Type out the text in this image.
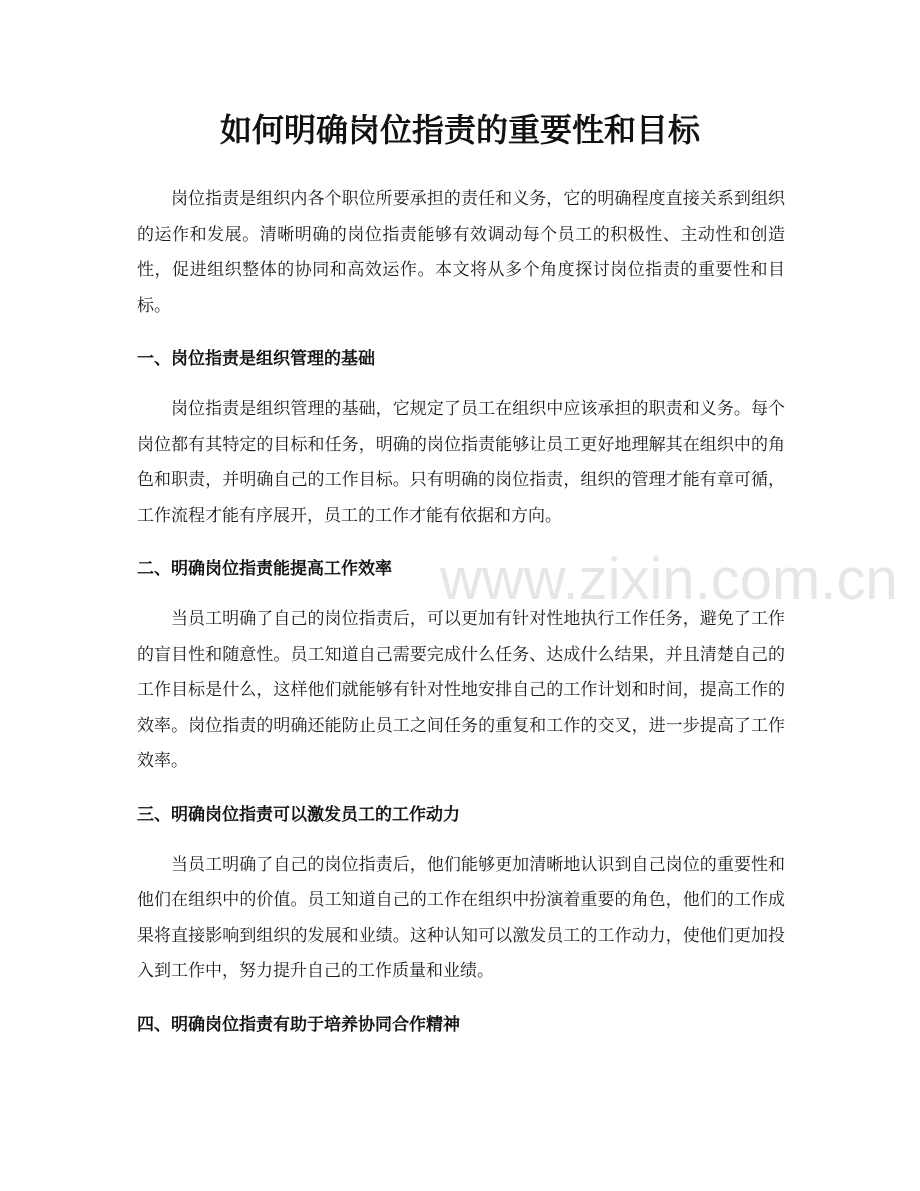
如何明确岗位指责的重要性和目标

岗位指责是组织内各个职位所要承担的责任和义务，它的明确程度直接关系到组织的运作和发展。清晰明确的岗位指责能够有效调动每个员工的积极性、主动性和创造性，促进组织整体的协同和高效运作。本文将从多个角度探讨岗位指责的重要性和目标。

一、岗位指责是组织管理的基础

岗位指责是组织管理的基础，它规定了员工在组织中应该承担的职责和义务。每个岗位都有其特定的目标和任务，明确的岗位指责能够让员工更好地理解其在组织中的角色和职责，并明确自己的工作目标。只有明确的岗位指责，组织的管理才能有章可循，工作流程才能有序展开，员工的工作才能有依据和方向。

二、明确岗位指责能提高工作效率

当员工明确了自己的岗位指责后，可以更加有针对性地执行工作任务，避免了工作的盲目性和随意性。员工知道自己需要完成什么任务、达成什么结果，并且清楚自己的工作目标是什么，这样他们就能够有针对性地安排自己的工作计划和时间，提高工作的效率。岗位指责的明确还能防止员工之间任务的重复和工作的交叉，进一步提高了工作效率。

三、明确岗位指责可以激发员工的工作动力

当员工明确了自己的岗位指责后，他们能够更加清晰地认识到自己岗位的重要性和他们在组织中的价值。员工知道自己的工作在组织中扮演着重要的角色，他们的工作成果将直接影响到组织的发展和业绩。这种认知可以激发员工的工作动力，使他们更加投入到工作中，努力提升自己的工作质量和业绩。

四、明确岗位指责有助于培养协同合作精神
www.zixin.com.cn
